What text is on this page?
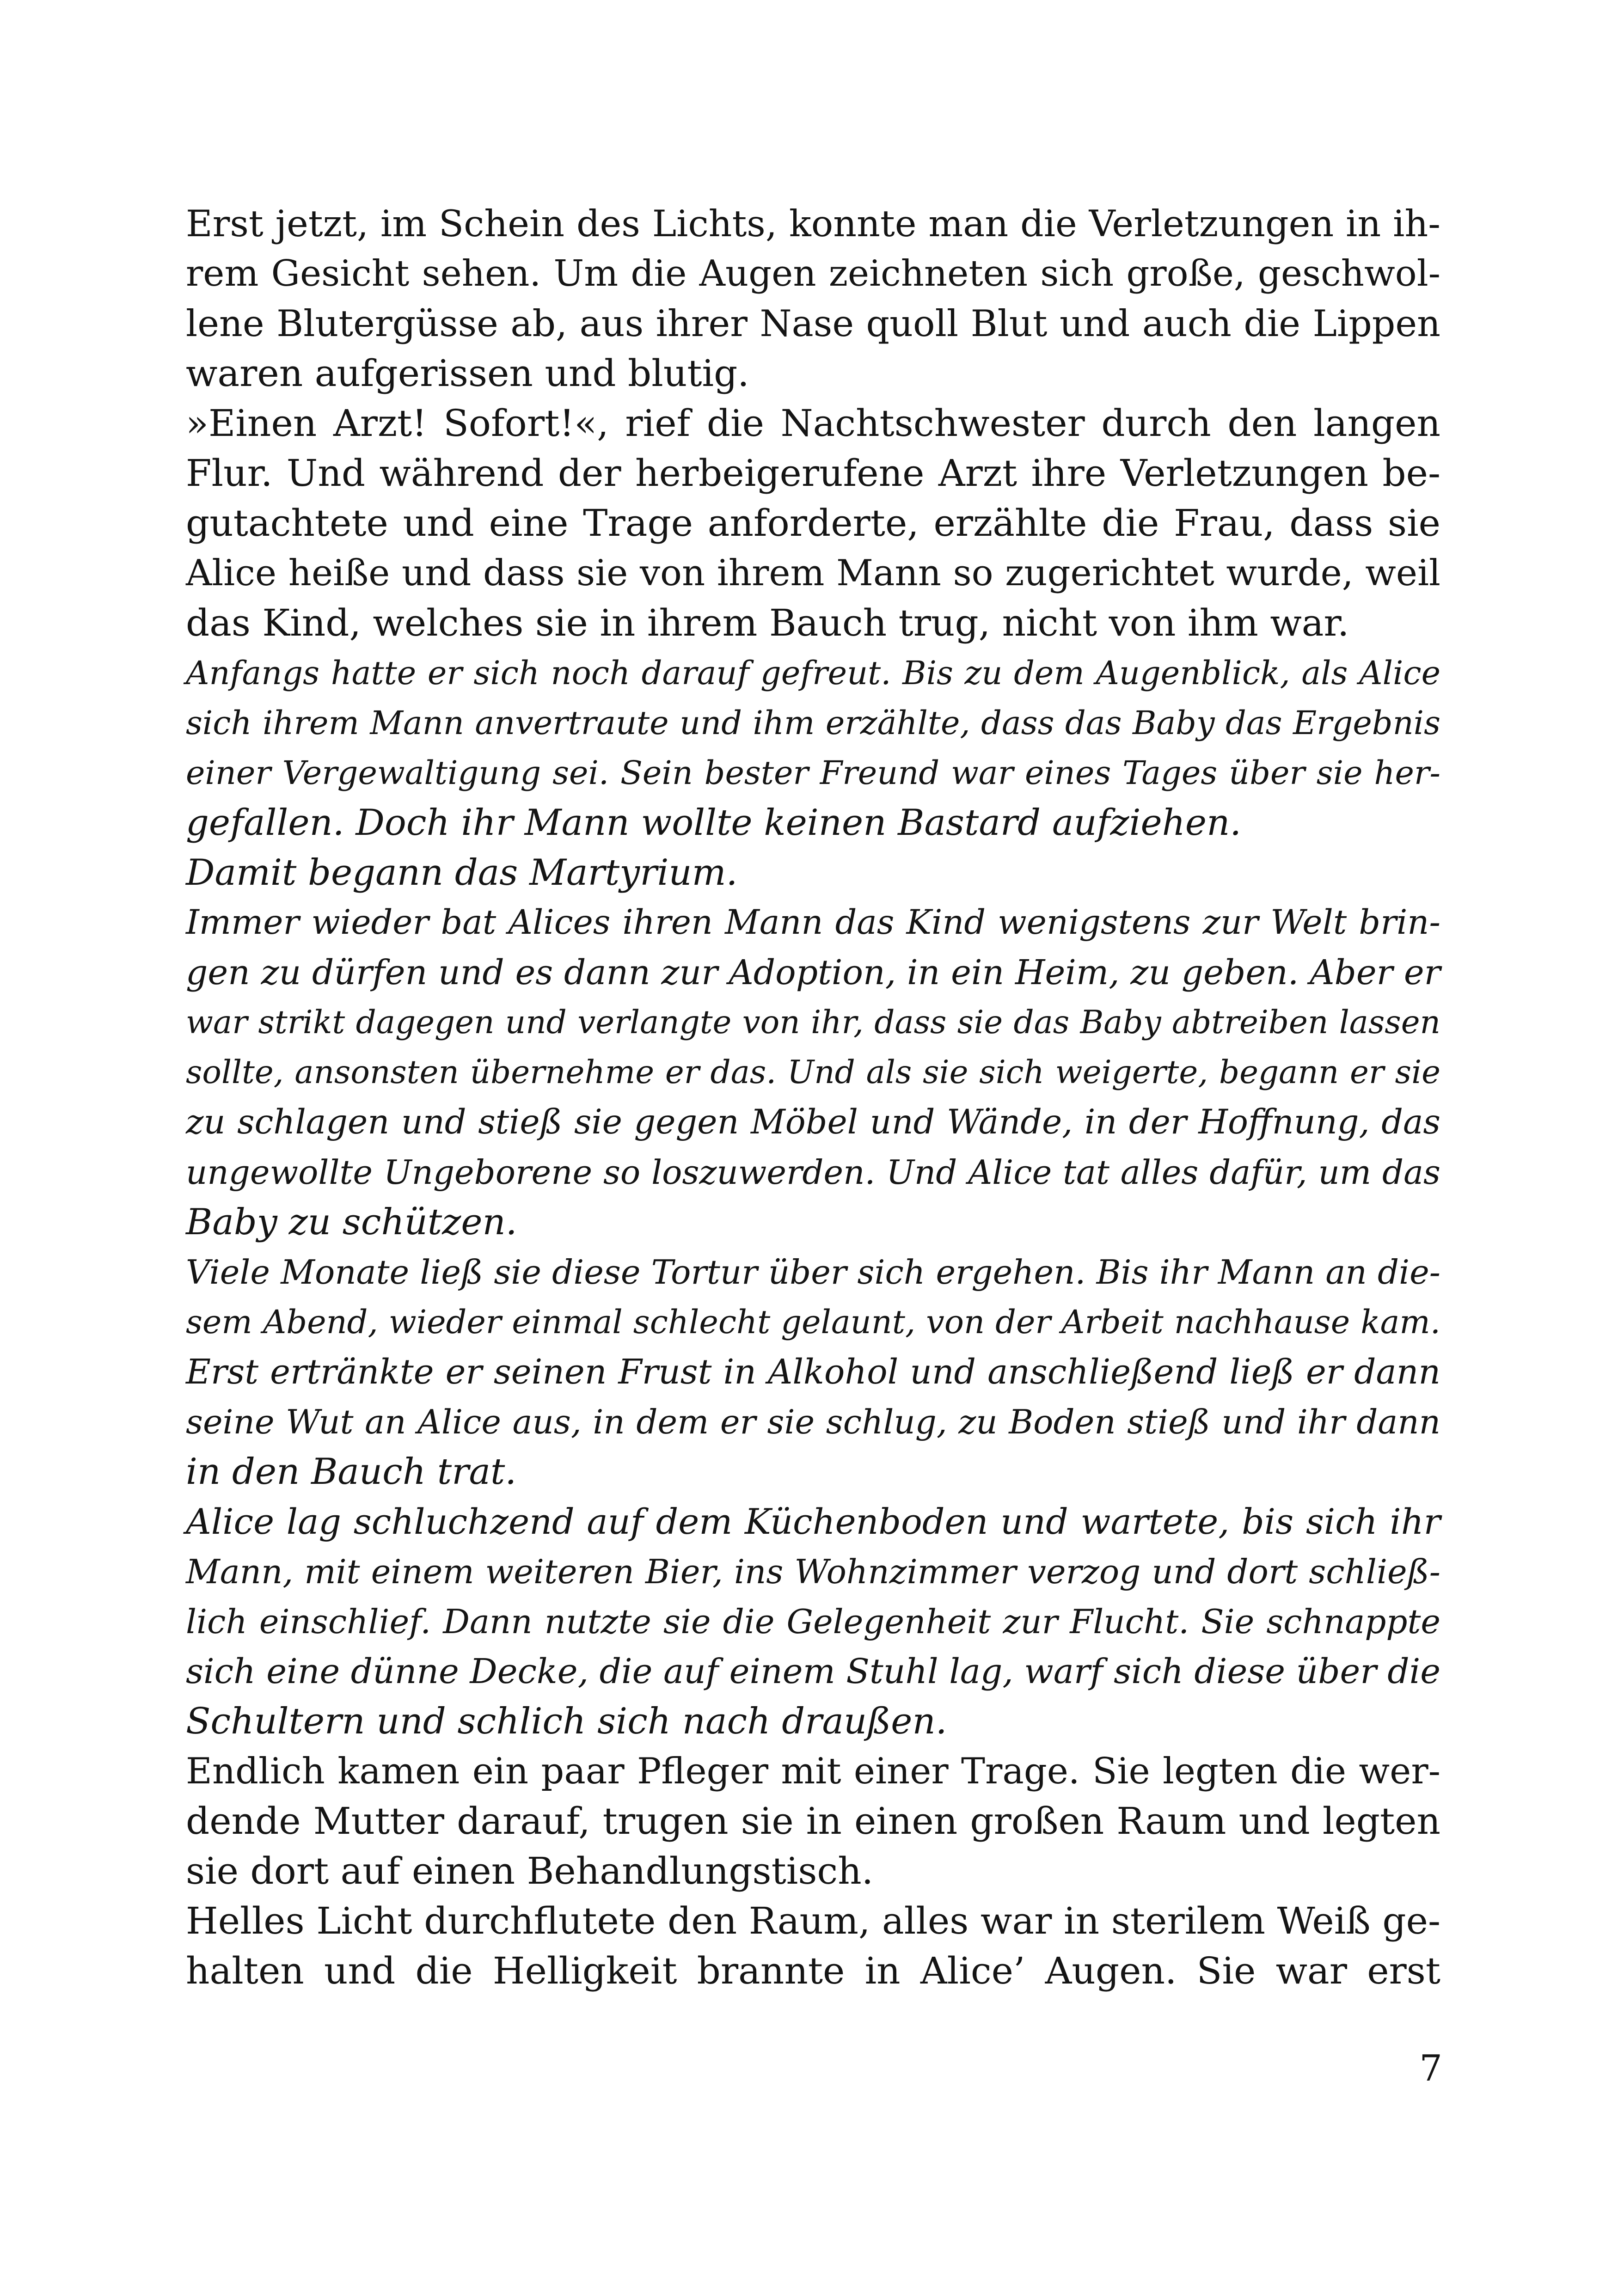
Erst jetzt, im Schein des Lichts, konnte man die Verletzungen in ih-
rem Gesicht sehen. Um die Augen zeichneten sich große, geschwol-
lene Blutergüsse ab, aus ihrer Nase quoll Blut und auch die Lippen
waren aufgerissen und blutig.
»Einen Arzt! Sofort!«, rief die Nachtschwester durch den langen
Flur. Und während der herbeigerufene Arzt ihre Verletzungen be-
gutachtete und eine Trage anforderte, erzählte die Frau, dass sie
Alice heiße und dass sie von ihrem Mann so zugerichtet wurde, weil
das Kind, welches sie in ihrem Bauch trug, nicht von ihm war.
Anfangs hatte er sich noch darauf gefreut. Bis zu dem Augenblick, als Alice
sich ihrem Mann anvertraute und ihm erzählte, dass das Baby das Ergebnis
einer Vergewaltigung sei. Sein bester Freund war eines Tages über sie her-
gefallen. Doch ihr Mann wollte keinen Bastard aufziehen.
Damit begann das Martyrium.
Immer wieder bat Alices ihren Mann das Kind wenigstens zur Welt brin-
gen zu dürfen und es dann zur Adoption, in ein Heim, zu geben. Aber er
war strikt dagegen und verlangte von ihr, dass sie das Baby abtreiben lassen
sollte, ansonsten übernehme er das. Und als sie sich weigerte, begann er sie
zu schlagen und stieß sie gegen Möbel und Wände, in der Hoffnung, das
ungewollte Ungeborene so loszuwerden. Und Alice tat alles dafür, um das
Baby zu schützen.
Viele Monate ließ sie diese Tortur über sich ergehen. Bis ihr Mann an die-
sem Abend, wieder einmal schlecht gelaunt, von der Arbeit nachhause kam.
Erst ertränkte er seinen Frust in Alkohol und anschließend ließ er dann
seine Wut an Alice aus, in dem er sie schlug, zu Boden stieß und ihr dann
in den Bauch trat.
Alice lag schluchzend auf dem Küchenboden und wartete, bis sich ihr
Mann, mit einem weiteren Bier, ins Wohnzimmer verzog und dort schließ-
lich einschlief. Dann nutzte sie die Gelegenheit zur Flucht. Sie schnappte
sich eine dünne Decke, die auf einem Stuhl lag, warf sich diese über die
Schultern und schlich sich nach draußen.
Endlich kamen ein paar Pfleger mit einer Trage. Sie legten die wer-
dende Mutter darauf, trugen sie in einen großen Raum und legten
sie dort auf einen Behandlungstisch.
Helles Licht durchflutete den Raum, alles war in sterilem Weiß ge-
halten und die Helligkeit brannte in Alice’ Augen. Sie war erst
7
